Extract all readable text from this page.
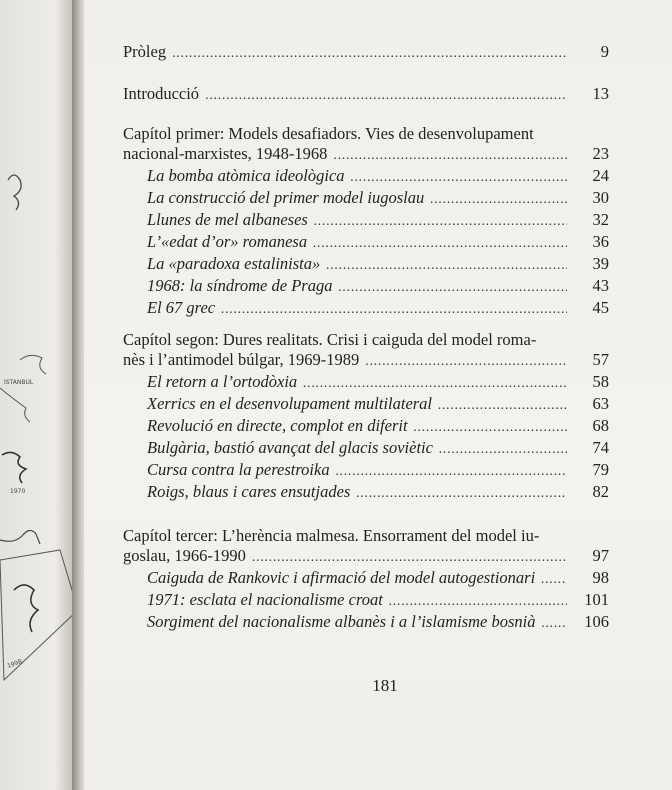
ISTANBUL
1970
1998
Pròleg . . .	9
Introducció . . .	13
Capítol primer: Models desafiadors. Vies de desenvolupament
nacional-marxistes, 1948-1968 . . .	23
La bomba atòmica ideològica . . .	24
La construcció del primer model iugoslau . . .	30
Llunes de mel albaneses . . .	32
L’«edat d’or» romanesa . . .	36
La «paradoxa estalinista» . . .	39
1968: la síndrome de Praga . . .	43
El 67 grec . . .	45
Capítol segon: Dures realitats. Crisi i caiguda del model roma-
nès i l’antimodel búlgar, 1969-1989 . . .	57
El retorn a l’ortodòxia . . .	58
Xerrics en el desenvolupament multilateral . . .	63
Revolució en directe, complot en diferit . . .	68
Bulgària, bastió avançat del glacis soviètic . . .	74
Cursa contra la perestroika . . .	79
Roigs, blaus i cares ensutjades . . .	82
Capítol tercer: L’herència malmesa. Ensorrament del model iu-
goslau, 1966-1990 . . .	97
Caiguda de Rankovic i afirmació del model autogestionari . . .	98
1971: esclata el nacionalisme croat . . .	101
Sorgiment del nacionalisme albanès i a l’islamisme bosnià . . .	106
181
